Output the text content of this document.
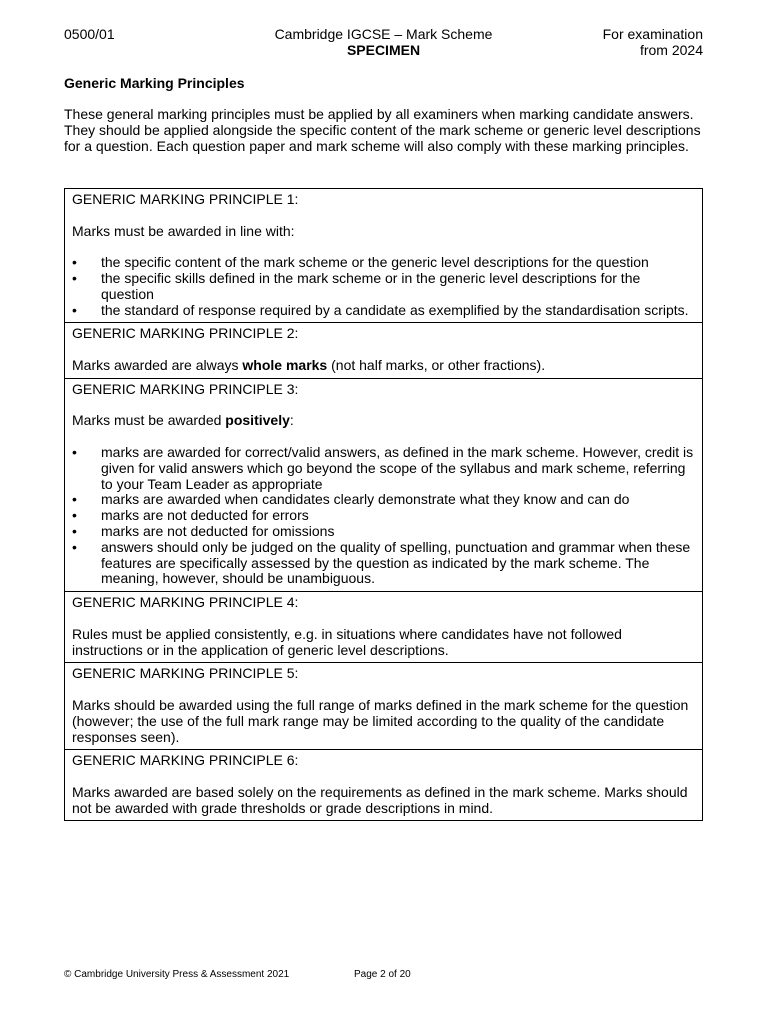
0500/01	Cambridge IGCSE – Mark Scheme
SPECIMEN
For examination
from 2024
Generic Marking Principles

These general marking principles must be applied by all examiners when marking candidate answers. They should be applied alongside the specific content of the mark scheme or generic level descriptions for a question. Each question paper and mark scheme will also comply with these marking principles.

GENERIC MARKING PRINCIPLE 1:

Marks must be awarded in line with:

• the specific content of the mark scheme or the generic level descriptions for the question
• the specific skills defined in the mark scheme or in the generic level descriptions for the question
• the standard of response required by a candidate as exemplified by the standardisation scripts.

GENERIC MARKING PRINCIPLE 2:

Marks awarded are always whole marks (not half marks, or other fractions).

GENERIC MARKING PRINCIPLE 3:

Marks must be awarded positively:

• marks are awarded for correct/valid answers, as defined in the mark scheme. However, credit is given for valid answers which go beyond the scope of the syllabus and mark scheme, referring to your Team Leader as appropriate
• marks are awarded when candidates clearly demonstrate what they know and can do
• marks are not deducted for errors
• marks are not deducted for omissions
• answers should only be judged on the quality of spelling, punctuation and grammar when these features are specifically assessed by the question as indicated by the mark scheme. The meaning, however, should be unambiguous.

GENERIC MARKING PRINCIPLE 4:

Rules must be applied consistently, e.g. in situations where candidates have not followed instructions or in the application of generic level descriptions.

GENERIC MARKING PRINCIPLE 5:

Marks should be awarded using the full range of marks defined in the mark scheme for the question (however; the use of the full mark range may be limited according to the quality of the candidate responses seen).

GENERIC MARKING PRINCIPLE 6:

Marks awarded are based solely on the requirements as defined in the mark scheme. Marks should not be awarded with grade thresholds or grade descriptions in mind.

© Cambridge University Press & Assessment 2021	Page 2 of 20
